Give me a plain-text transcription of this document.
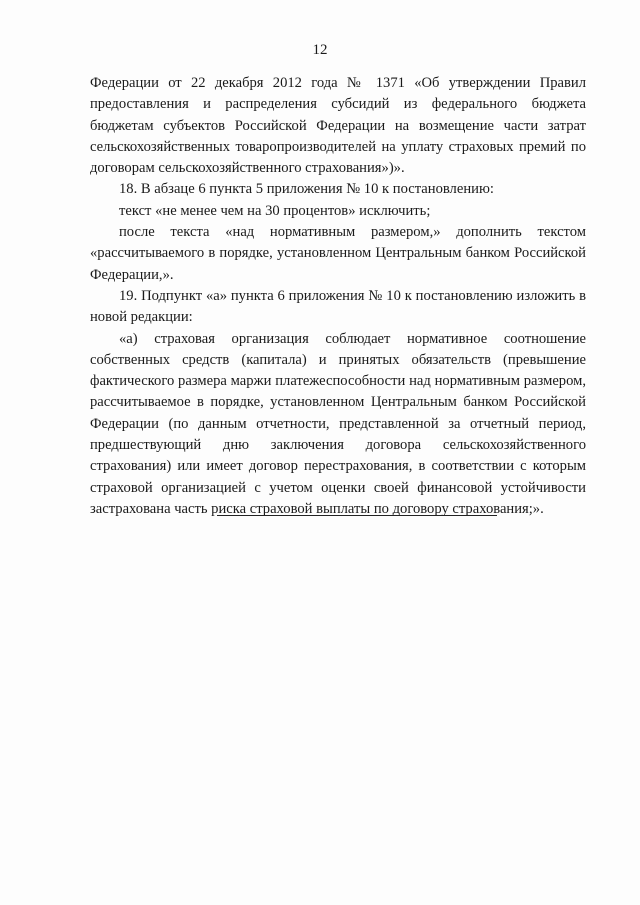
12

Федерации от 22 декабря 2012 года № 1371 «Об утверждении Правил предоставления и распределения субсидий из федерального бюджета бюджетам субъектов Российской Федерации на возмещение части затрат сельскохозяйственных товаропроизводителей на уплату страховых премий по договорам сельскохозяйственного страхования»)».

18. В абзаце 6 пункта 5 приложения № 10 к постановлению:

текст «не менее чем на 30 процентов» исключить;

после текста «над нормативным размером,» дополнить текстом «рассчитываемого в порядке, установленном Центральным банком Российской Федерации,».

19. Подпункт «а» пункта 6 приложения № 10 к постановлению изложить в новой редакции:

«а) страховая организация соблюдает нормативное соотношение собственных средств (капитала) и принятых обязательств (превышение фактического размера маржи платежеспособности над нормативным размером, рассчитываемое в порядке, установленном Центральным банком Российской Федерации (по данным отчетности, представленной за отчетный период, предшествующий дню заключения договора сельскохозяйственного страхования) или имеет договор перестрахования, в соответствии с которым страховой организацией с учетом оценки своей финансовой устойчивости застрахована часть риска страховой выплаты по договору страхования;».
